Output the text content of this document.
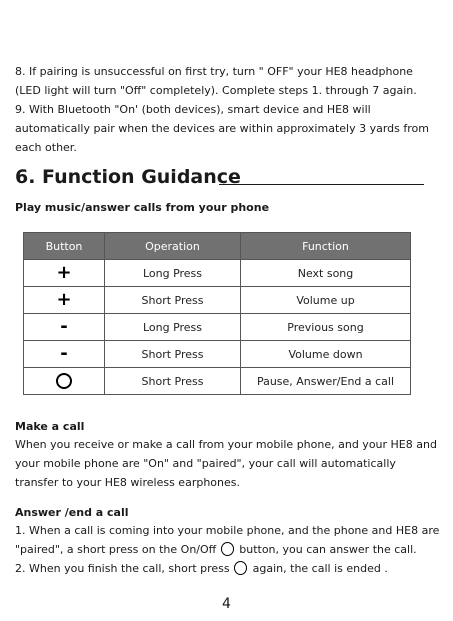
8. If pairing is unsuccessful on first try, turn " OFF" your HE8 headphone (LED light will turn "Off" completely). Complete steps 1. through 7 again.
9. With Bluetooth "On' (both devices), smart device and HE8 will automatically pair when the devices are within approximately 3 yards from each other.
6. Function Guidance
Play music/answer calls from your phone
Button	Operation	Function
+	Long Press	Next song
+	Short Press	Volume up
-	Long Press	Previous song
-	Short Press	Volume down
	Short Press	Pause, Answer/End a call
Make a call
When you receive or make a call from your mobile phone, and your HE8 and your mobile phone are "On" and "paired", your call will automatically transfer to your HE8 wireless earphones.
Answer /end a call
1. When a call is coming into your mobile phone, and the phone and HE8 are "paired", a short press on the On/Off button, you can answer the call.
2. When you finish the call, short press again, the call is ended .
4
